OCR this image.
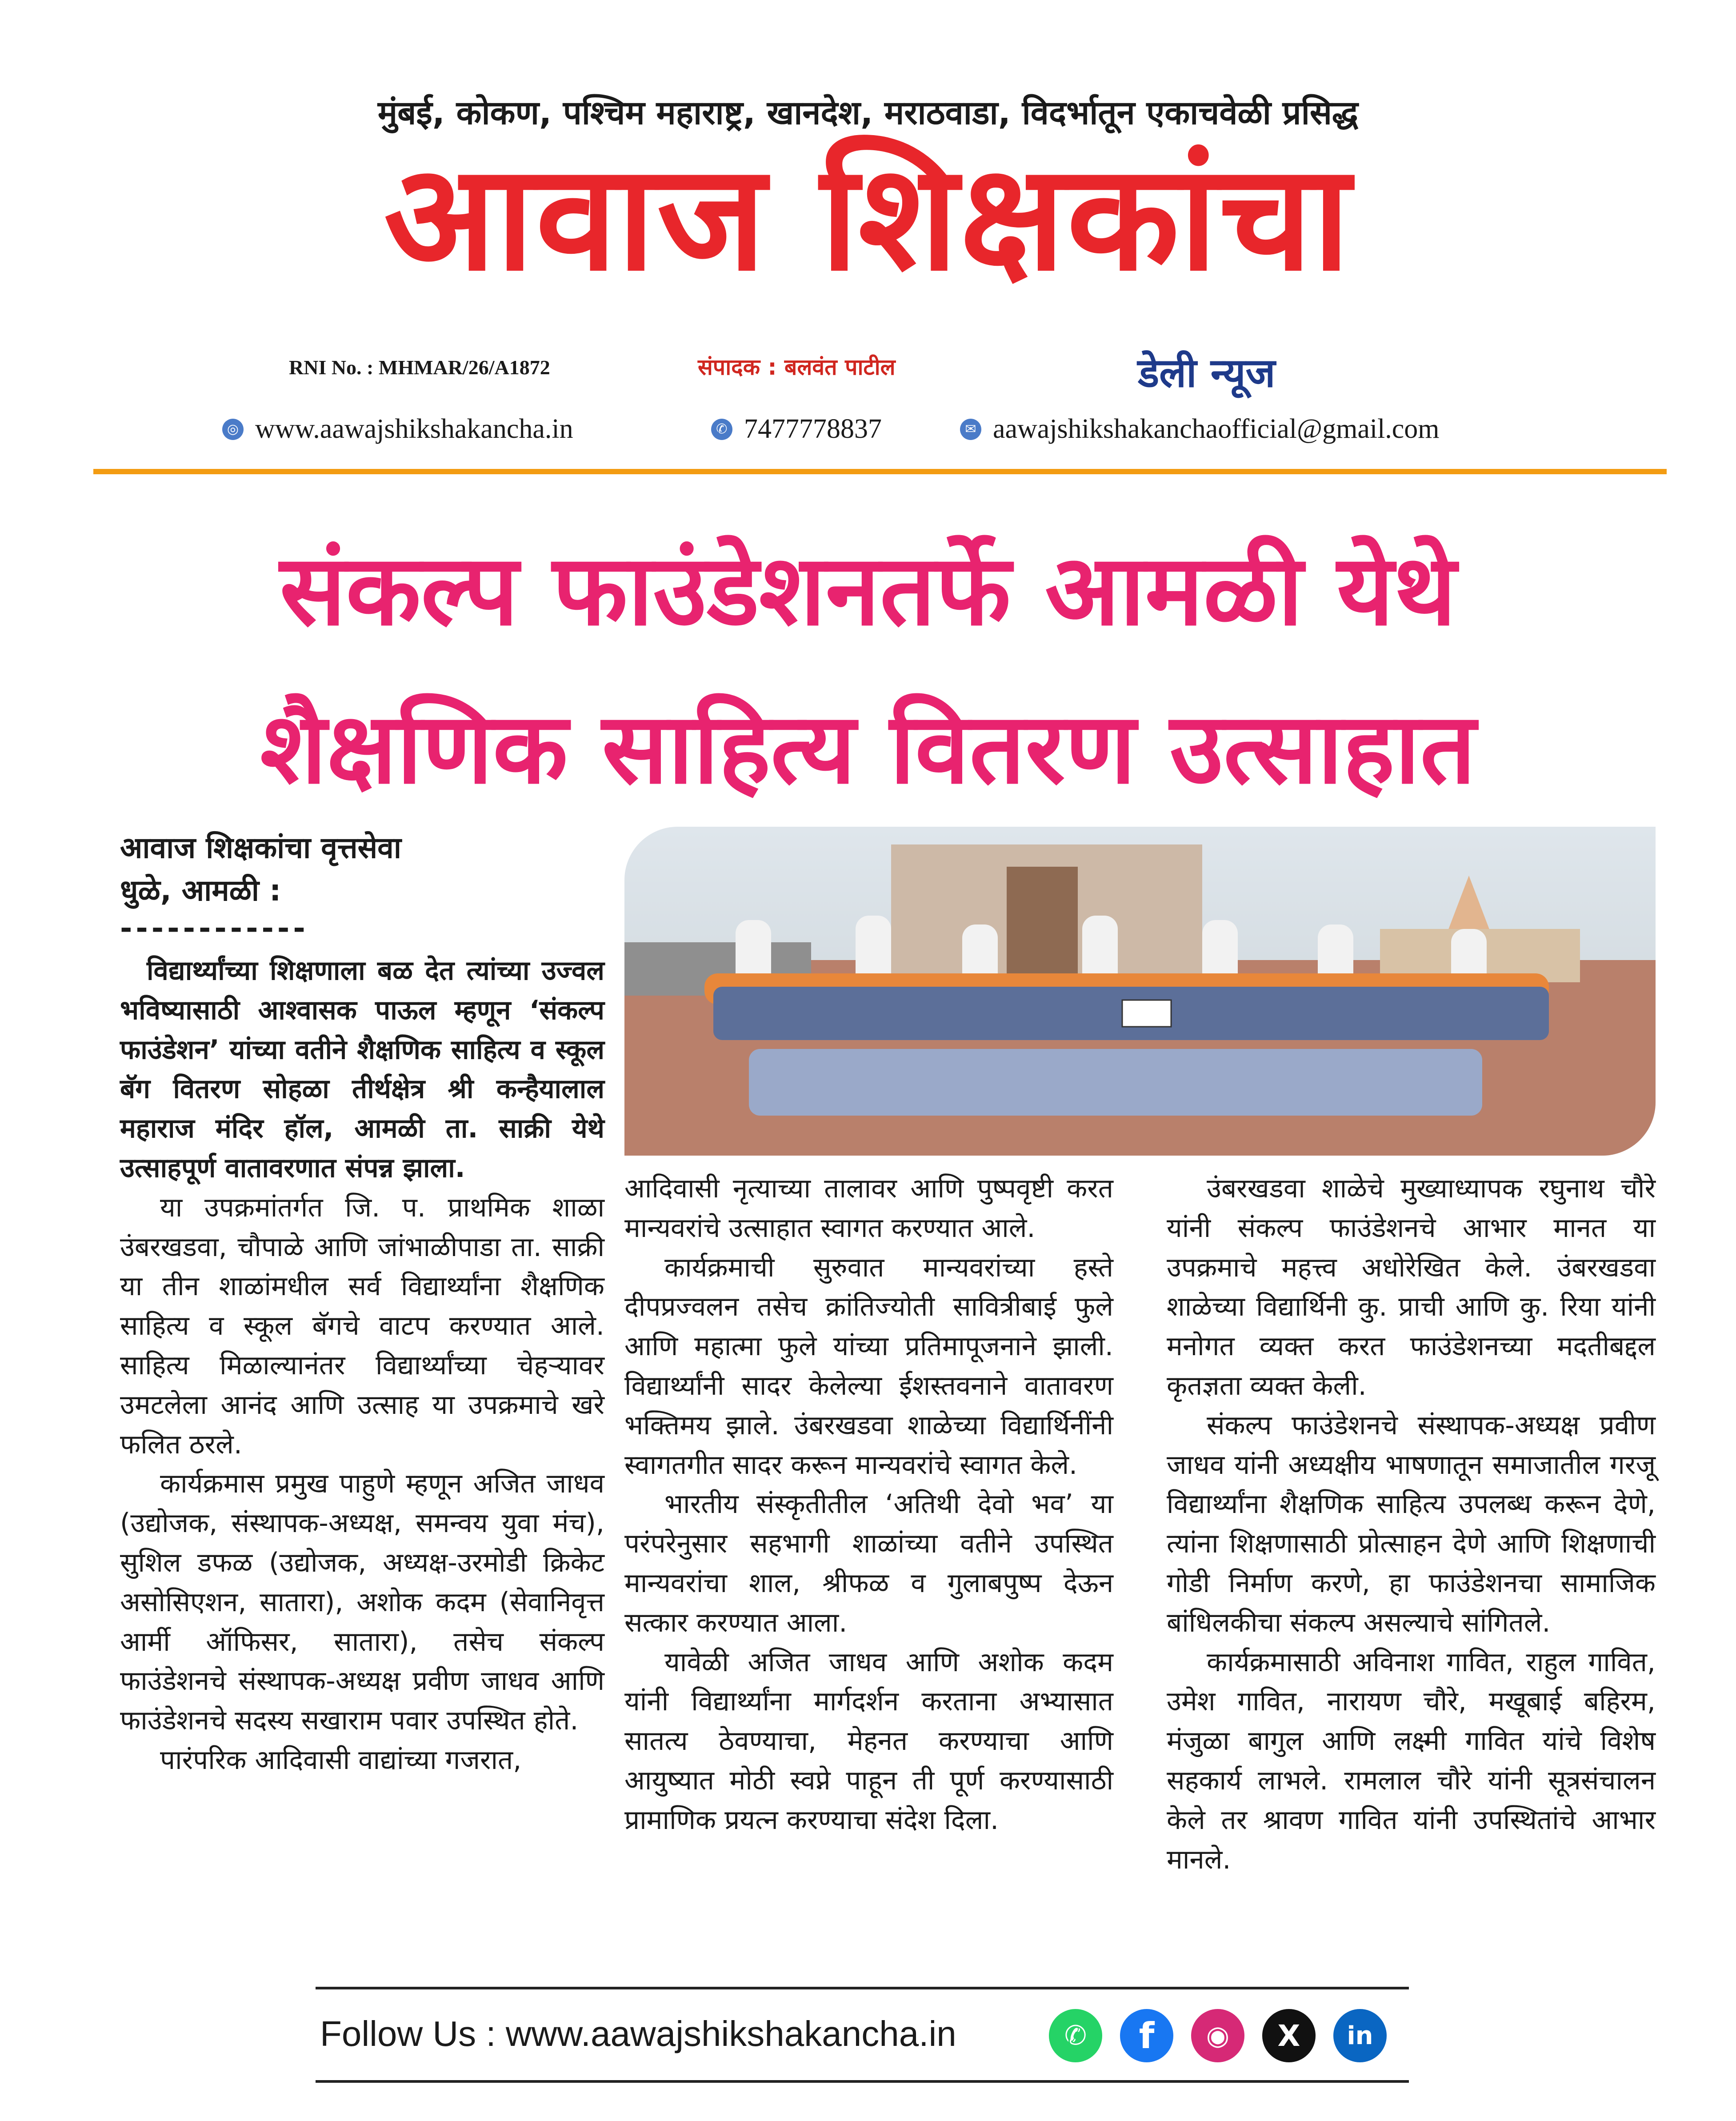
मुंबई, कोकण, पश्चिम महाराष्ट्र, खानदेश, मराठवाडा, विदर्भातून एकाचवेळी प्रसिद्ध
आवाज शिक्षकांचा
RNI No. : MHMAR/26/A1872	संपादक : बलवंत पाटील	डेली न्यूज
◎ www.aawajshikshakancha.in	✆ 7477778837	✉ aawajshikshakanchaofficial@gmail.com
संकल्प फाउंडेशनतर्फे आमळी येथे
शैक्षणिक साहित्य वितरण उत्साहात
आवाज शिक्षकांचा वृत्तसेवा
धुळे, आमळी :
------------

विद्यार्थ्यांच्या शिक्षणाला बळ देत त्यांच्या उज्वल भविष्यासाठी आश्वासक पाऊल म्हणून ‘संकल्प फाउंडेशन’ यांच्या वतीने शैक्षणिक साहित्य व स्कूल बॅग वितरण सोहळा तीर्थक्षेत्र श्री कन्हैयालाल महाराज मंदिर हॉल, आमळी ता. साक्री येथे उत्साहपूर्ण वातावरणात संपन्न झाला.

या उपक्रमांतर्गत जि. प. प्राथमिक शाळा उंबरखडवा, चौपाळे आणि जांभाळीपाडा ता. साक्री या तीन शाळांमधील सर्व विद्यार्थ्यांना शैक्षणिक साहित्य व स्कूल बॅगचे वाटप करण्यात आले. साहित्य मिळाल्यानंतर विद्यार्थ्यांच्या चेहऱ्यावर उमटलेला आनंद आणि उत्साह या उपक्रमाचे खरे फलित ठरले.

कार्यक्रमास प्रमुख पाहुणे म्हणून अजित जाधव (उद्योजक, संस्थापक-अध्यक्ष, समन्वय युवा मंच), सुशिल डफळ (उद्योजक, अध्यक्ष-उरमोडी क्रिकेट असोसिएशन, सातारा), अशोक कदम (सेवानिवृत्त आर्मी ऑफिसर, सातारा), तसेच संकल्प फाउंडेशनचे संस्थापक-अध्यक्ष प्रवीण जाधव आणि फाउंडेशनचे सदस्य सखाराम पवार उपस्थित होते.

पारंपरिक आदिवासी वाद्यांच्या गजरात,

आदिवासी नृत्याच्या तालावर आणि पुष्पवृष्टी करत मान्यवरांचे उत्साहात स्वागत करण्यात आले.

कार्यक्रमाची सुरुवात मान्यवरांच्या हस्ते दीपप्रज्वलन तसेच क्रांतिज्योती सावित्रीबाई फुले आणि महात्मा फुले यांच्या प्रतिमापूजनाने झाली. विद्यार्थ्यांनी सादर केलेल्या ईशस्तवनाने वातावरण भक्तिमय झाले. उंबरखडवा शाळेच्या विद्यार्थिनींनी स्वागतगीत सादर करून मान्यवरांचे स्वागत केले.

भारतीय संस्कृतीतील ‘अतिथी देवो भव’ या परंपरेनुसार सहभागी शाळांच्या वतीने उपस्थित मान्यवरांचा शाल, श्रीफळ व गुलाबपुष्प देऊन सत्कार करण्यात आला.

यावेळी अजित जाधव आणि अशोक कदम यांनी विद्यार्थ्यांना मार्गदर्शन करताना अभ्यासात सातत्य ठेवण्याचा, मेहनत करण्याचा आणि आयुष्यात मोठी स्वप्ने पाहून ती पूर्ण करण्यासाठी प्रामाणिक प्रयत्न करण्याचा संदेश दिला.

उंबरखडवा शाळेचे मुख्याध्यापक रघुनाथ चौरे यांनी संकल्प फाउंडेशनचे आभार मानत या उपक्रमाचे महत्त्व अधोरेखित केले. उंबरखडवा शाळेच्या विद्यार्थिनी कु. प्राची आणि कु. रिया यांनी मनोगत व्यक्त करत फाउंडेशनच्या मदतीबद्दल कृतज्ञता व्यक्त केली.

संकल्प फाउंडेशनचे संस्थापक-अध्यक्ष प्रवीण जाधव यांनी अध्यक्षीय भाषणातून समाजातील गरजू विद्यार्थ्यांना शैक्षणिक साहित्य उपलब्ध करून देणे, त्यांना शिक्षणासाठी प्रोत्साहन देणे आणि शिक्षणाची गोडी निर्माण करणे, हा फाउंडेशनचा सामाजिक बांधिलकीचा संकल्प असल्याचे सांगितले.

कार्यक्रमासाठी अविनाश गावित, राहुल गावित, उमेश गावित, नारायण चौरे, मखूबाई बहिरम, मंजुळा बागुल आणि लक्ष्मी गावित यांचे विशेष सहकार्य लाभले. रामलाल चौरे यांनी सूत्रसंचालन केले तर श्रावण गावित यांनी उपस्थितांचे आभार मानले.

Follow Us : www.aawajshikshakancha.in	✆	f	◉	X	in
